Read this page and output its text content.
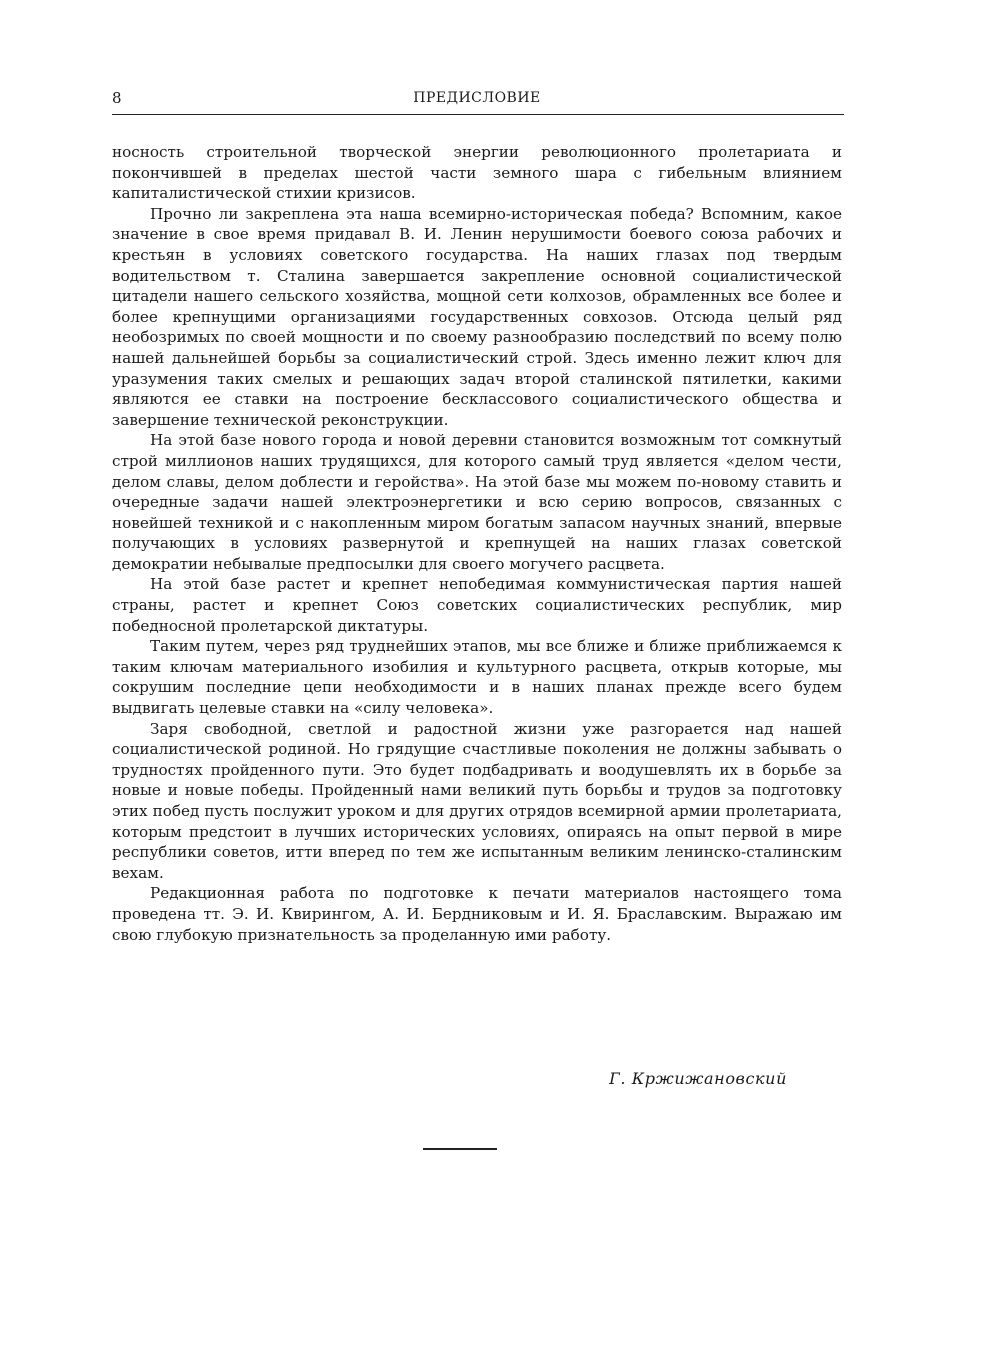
8	ПРЕДИСЛОВИЕ

носность строительной творческой энергии революционного пролетариата и покончившей в пределах шестой части земного шара с гибельным влиянием капиталистической стихии кризисов.

Прочно ли закреплена эта наша всемирно-историческая победа? Вспомним, какое значение в свое время придавал В. И. Ленин нерушимости боевого союза рабочих и крестьян в условиях советского государства. На наших глазах под твердым водительством т. Сталина завершается закрепление основной социалистической цитадели нашего сельского хозяйства, мощной сети колхозов, обрамленных все более и более крепнущими организациями государственных совхозов. Отсюда целый ряд необозримых по своей мощности и по своему разнообразию последствий по всему полю нашей дальнейшей борьбы за социалистический строй. Здесь именно лежит ключ для уразумения таких смелых и решающих задач второй сталинской пятилетки, какими являются ее ставки на построение бесклассового социалистического общества и завершение технической реконструкции.

На этой базе нового города и новой деревни становится возможным тот сомкнутый строй миллионов наших трудящихся, для которого самый труд является «делом чести, делом славы, делом доблести и геройства». На этой базе мы можем по-новому ставить и очередные задачи нашей электроэнергетики и всю серию вопросов, связанных с новейшей техникой и с накопленным миром богатым запасом научных знаний, впервые получающих в условиях развернутой и крепнущей на наших глазах советской демократии небывалые предпосылки для своего могучего расцвета.

На этой базе растет и крепнет непобедимая коммунистическая партия нашей страны, растет и крепнет Союз советских социалистических республик, мир победносной пролетарской диктатуры.

Таким путем, через ряд труднейших этапов, мы все ближе и ближе приближаемся к таким ключам материального изобилия и культурного расцвета, открыв которые, мы сокрушим последние цепи необходимости и в наших планах прежде всего будем выдвигать целевые ставки на «силу человека».

Заря свободной, светлой и радостной жизни уже разгорается над нашей социалистической родиной. Но грядущие счастливые поколения не должны забывать о трудностях пройденного пути. Это будет подбадривать и воодушевлять их в борьбе за новые и новые победы. Пройденный нами великий путь борьбы и трудов за подготовку этих побед пусть послужит уроком и для других отрядов всемирной армии пролетариата, которым предстоит в лучших исторических условиях, опираясь на опыт первой в мире республики советов, итти вперед по тем же испытанным великим ленинско-сталинским вехам.

Редакционная работа по подготовке к печати материалов настоящего тома проведена тт. Э. И. Квирингом, А. И. Бердниковым и И. Я. Браславским. Выражаю им свою глубокую признательность за проделанную ими работу.

Г. Кржижановский
